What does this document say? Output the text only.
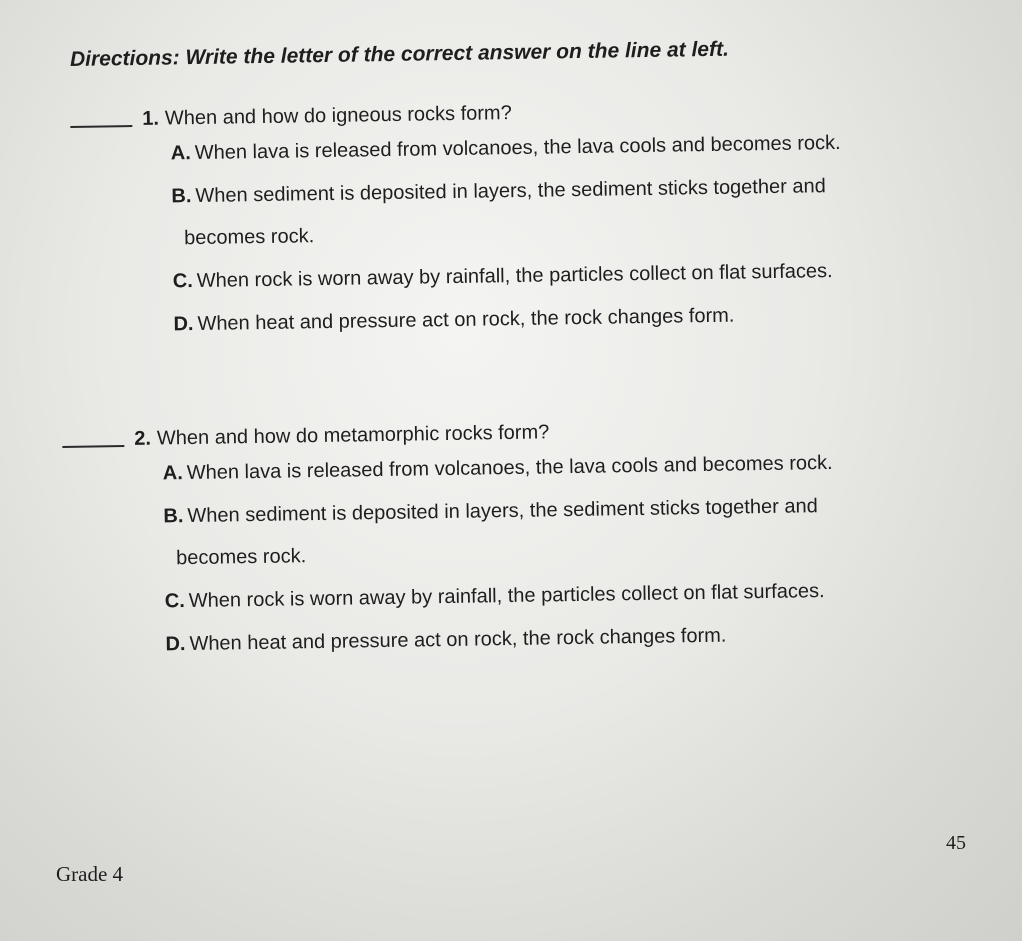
Directions: Write the letter of the correct answer on the line at left.
1. When and how do igneous rocks form?
A. When lava is released from volcanoes, the lava cools and becomes rock.
B. When sediment is deposited in layers, the sediment sticks together and
becomes rock.
C. When rock is worn away by rainfall, the particles collect on flat surfaces.
D. When heat and pressure act on rock, the rock changes form.
2. When and how do metamorphic rocks form?
A. When lava is released from volcanoes, the lava cools and becomes rock.
B. When sediment is deposited in layers, the sediment sticks together and
becomes rock.
C. When rock is worn away by rainfall, the particles collect on flat surfaces.
D. When heat and pressure act on rock, the rock changes form.
Grade 4
45
